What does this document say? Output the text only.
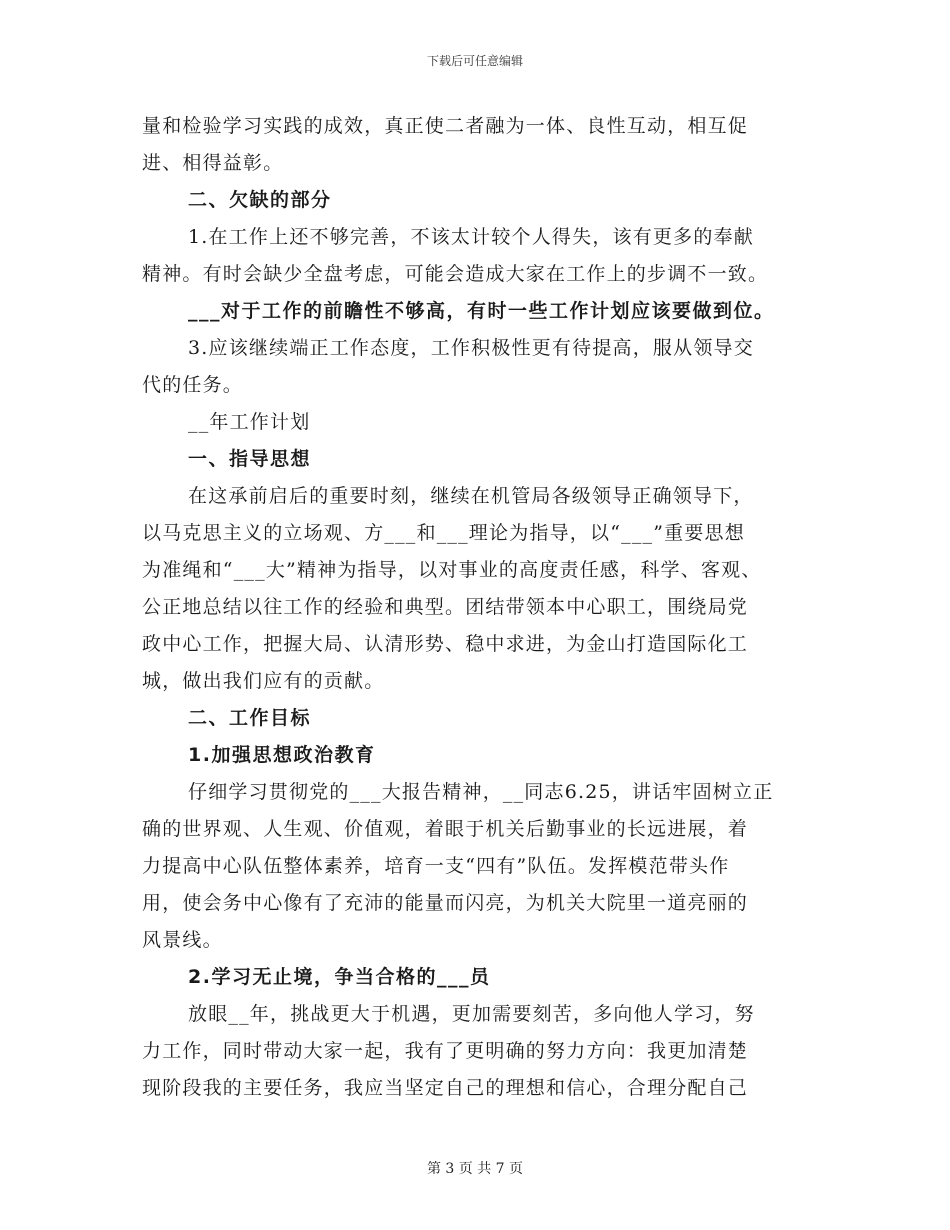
下载后可任意编辑
量和检验学习实践的成效，真正使二者融为一体、良性互动，相互促
进、相得益彰。
二、欠缺的部分
1.在工作上还不够完善，不该太计较个人得失，该有更多的奉献
精神。有时会缺少全盘考虑，可能会造成大家在工作上的步调不一致。
___对于工作的前瞻性不够高，有时一些工作计划应该要做到位。
3.应该继续端正工作态度，工作积极性更有待提高，服从领导交
代的任务。
__年工作计划
一、指导思想
在这承前启后的重要时刻，继续在机管局各级领导正确领导下，
以马克思主义的立场观、方___和___理论为指导，以“___”重要思想
为准绳和“___大”精神为指导，以对事业的高度责任感，科学、客观、
公正地总结以往工作的经验和典型。团结带领本中心职工，围绕局党
政中心工作，把握大局、认清形势、稳中求进，为金山打造国际化工
城，做出我们应有的贡献。
二、工作目标
1.加强思想政治教育
仔细学习贯彻党的___大报告精神，__同志6.25，讲话牢固树立正
确的世界观、人生观、价值观，着眼于机关后勤事业的长远进展，着
力提高中心队伍整体素养，培育一支“四有”队伍。发挥模范带头作
用，使会务中心像有了充沛的能量而闪亮，为机关大院里一道亮丽的
风景线。
2.学习无止境，争当合格的___员
放眼__年，挑战更大于机遇，更加需要刻苦，多向他人学习，努
力工作，同时带动大家一起，我有了更明确的努力方向：我更加清楚
现阶段我的主要任务，我应当坚定自己的理想和信心，合理分配自己
第 3 页 共 7 页
